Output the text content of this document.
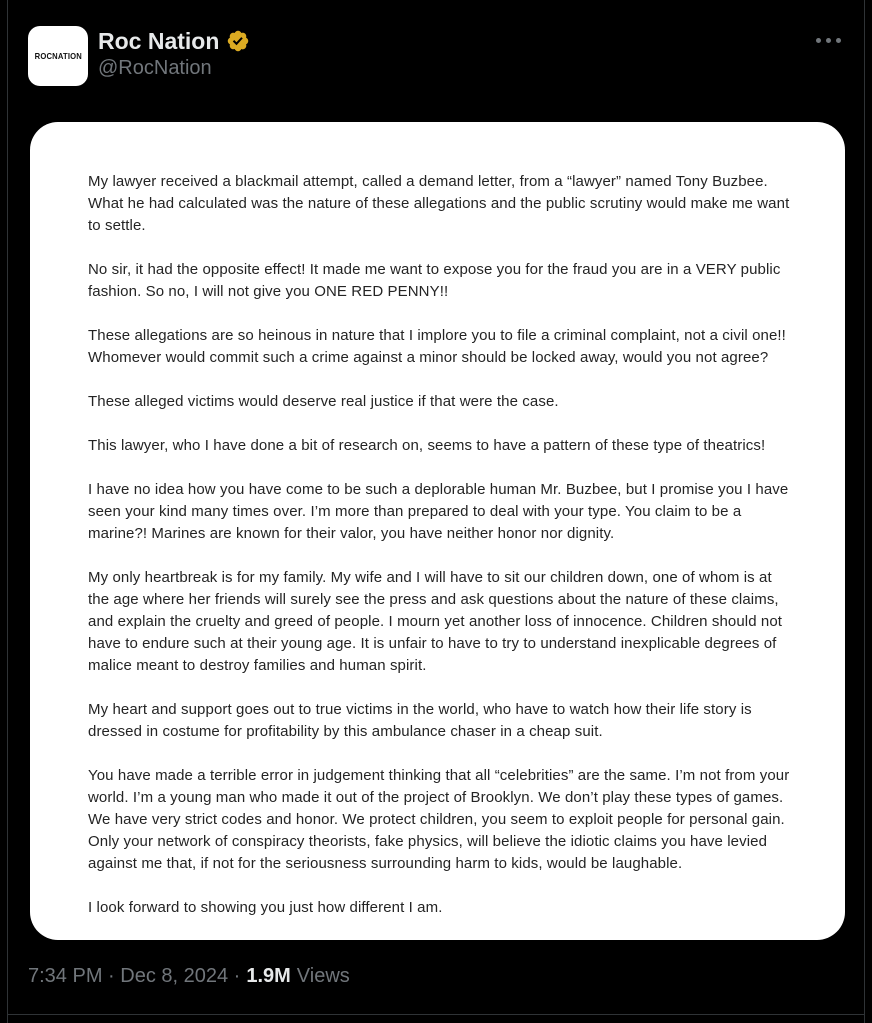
ROCNATION
Roc Nation
@RocNation

My lawyer received a blackmail attempt, called a demand letter, from a “lawyer” named Tony Buzbee. What he had calculated was the nature of these allegations and the public scrutiny would make me want to settle.

No sir, it had the opposite effect! It made me want to expose you for the fraud you are in a VERY public fashion. So no, I will not give you ONE RED PENNY!!

These allegations are so heinous in nature that I implore you to file a criminal complaint, not a civil one!! Whomever would commit such a crime against a minor should be locked away, would you not agree?

These alleged victims would deserve real justice if that were the case.

This lawyer, who I have done a bit of research on, seems to have a pattern of these type of theatrics!

I have no idea how you have come to be such a deplorable human Mr. Buzbee, but I promise you I have seen your kind many times over. I’m more than prepared to deal with your type. You claim to be a marine?! Marines are known for their valor, you have neither honor nor dignity.

My only heartbreak is for my family. My wife and I will have to sit our children down, one of whom is at the age where her friends will surely see the press and ask questions about the nature of these claims, and explain the cruelty and greed of people. I mourn yet another loss of innocence. Children should not have to endure such at their young age. It is unfair to have to try to understand inexplicable degrees of malice meant to destroy families and human spirit.

My heart and support goes out to true victims in the world, who have to watch how their life story is dressed in costume for profitability by this ambulance chaser in a cheap suit.

You have made a terrible error in judgement thinking that all “celebrities” are the same. I’m not from your world. I’m a young man who made it out of the project of Brooklyn. We don’t play these types of games. We have very strict codes and honor. We protect children, you seem to exploit people for personal gain. Only your network of conspiracy theorists, fake physics, will believe the idiotic claims you have levied against me that, if not for the seriousness surrounding harm to kids, would be laughable.

I look forward to showing you just how different I am.

7:34 PM · Dec 8, 2024 · 1.9M Views
